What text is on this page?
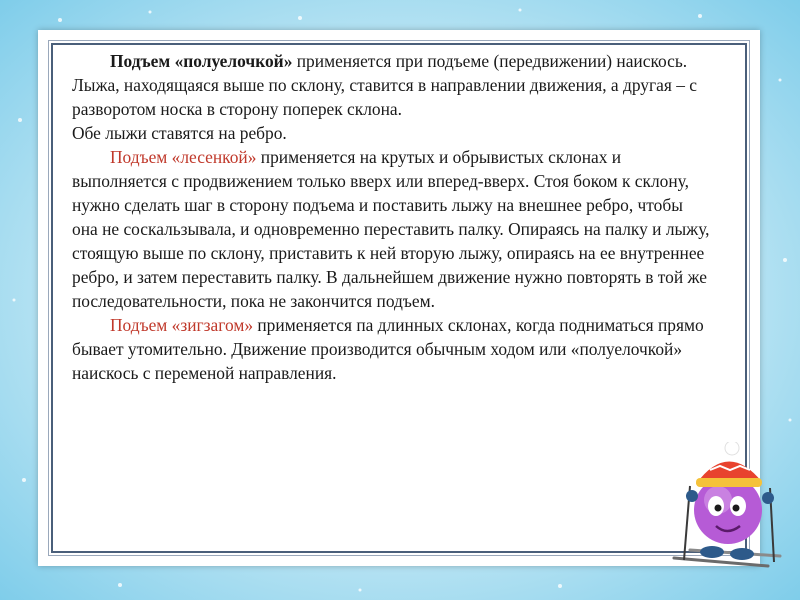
Подъем «полуелочкой» применяется при подъеме (передвижении) наискось. Лыжа, находящаяся выше по склону, ставится в направлении движения, а другая – с разворотом носка в сторону поперек склона.

Обе лыжи ставятся на ребро.

Подъем «лесенкой» применяется на крутых и обрывистых склонах и выполняется с продвижением только вверх или вперед-вверх. Стоя боком к склону, нужно сделать шаг в сторону подъема и поставить лыжу на внешнее ребро, чтобы она не соскальзывала, и одновременно переставить палку. Опираясь на палку и лыжу, стоящую выше по склону, приставить к ней вторую лыжу, опираясь на ее внутреннее ребро, и затем переставить палку. В дальнейшем движение нужно повторять в той же последовательности, пока не закончится подъем.

Подъем «зигзагом» применяется па длинных склонах, когда подниматься прямо бывает утомительно. Движение производится обычным ходом или «полуелочкой» наискось с переменой направления.
